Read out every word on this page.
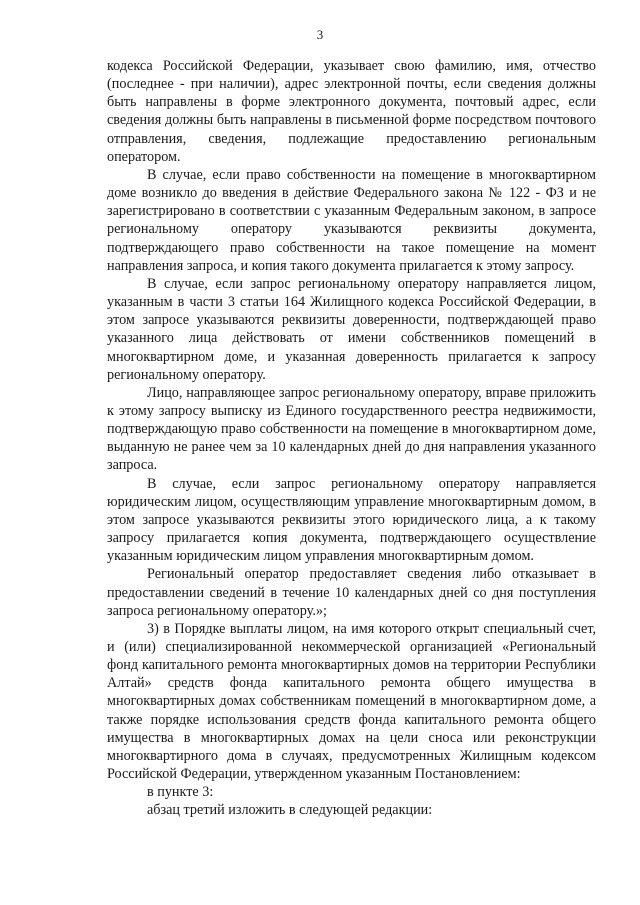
3

кодекса Российской Федерации, указывает свою фамилию, имя, отчество (последнее - при наличии), адрес электронной почты, если сведения должны быть направлены в форме электронного документа, почтовый адрес, если сведения должны быть направлены в письменной форме посредством почтового отправления, сведения, подлежащие предоставлению региональным оператором.

В случае, если право собственности на помещение в многоквартирном доме возникло до введения в действие Федерального закона № 122 - ФЗ и не зарегистрировано в соответствии с указанным Федеральным законом, в запросе региональному оператору указываются реквизиты документа, подтверждающего право собственности на такое помещение на момент направления запроса, и копия такого документа прилагается к этому запросу.

В случае, если запрос региональному оператору направляется лицом, указанным в части 3 статьи 164 Жилищного кодекса Российской Федерации, в этом запросе указываются реквизиты доверенности, подтверждающей право указанного лица действовать от имени собственников помещений в многоквартирном доме, и указанная доверенность прилагается к запросу региональному оператору.

Лицо, направляющее запрос региональному оператору, вправе приложить к этому запросу выписку из Единого государственного реестра недвижимости, подтверждающую право собственности на помещение в многоквартирном доме, выданную не ранее чем за 10 календарных дней до дня направления указанного запроса.

В случае, если запрос региональному оператору направляется юридическим лицом, осуществляющим управление многоквартирным домом, в этом запросе указываются реквизиты этого юридического лица, а к такому запросу прилагается копия документа, подтверждающего осуществление указанным юридическим лицом управления многоквартирным домом.

Региональный оператор предоставляет сведения либо отказывает в предоставлении сведений в течение 10 календарных дней со дня поступления запроса региональному оператору.»;

3) в Порядке выплаты лицом, на имя которого открыт специальный счет, и (или) специализированной некоммерческой организацией «Региональный фонд капитального ремонта многоквартирных домов на территории Республики Алтай» средств фонда капитального ремонта общего имущества в многоквартирных домах собственникам помещений в многоквартирном доме, а также порядке использования средств фонда капитального ремонта общего имущества в многоквартирных домах на цели сноса или реконструкции многоквартирного дома в случаях, предусмотренных Жилищным кодексом Российской Федерации, утвержденном указанным Постановлением:

в пункте 3:

абзац третий изложить в следующей редакции:
